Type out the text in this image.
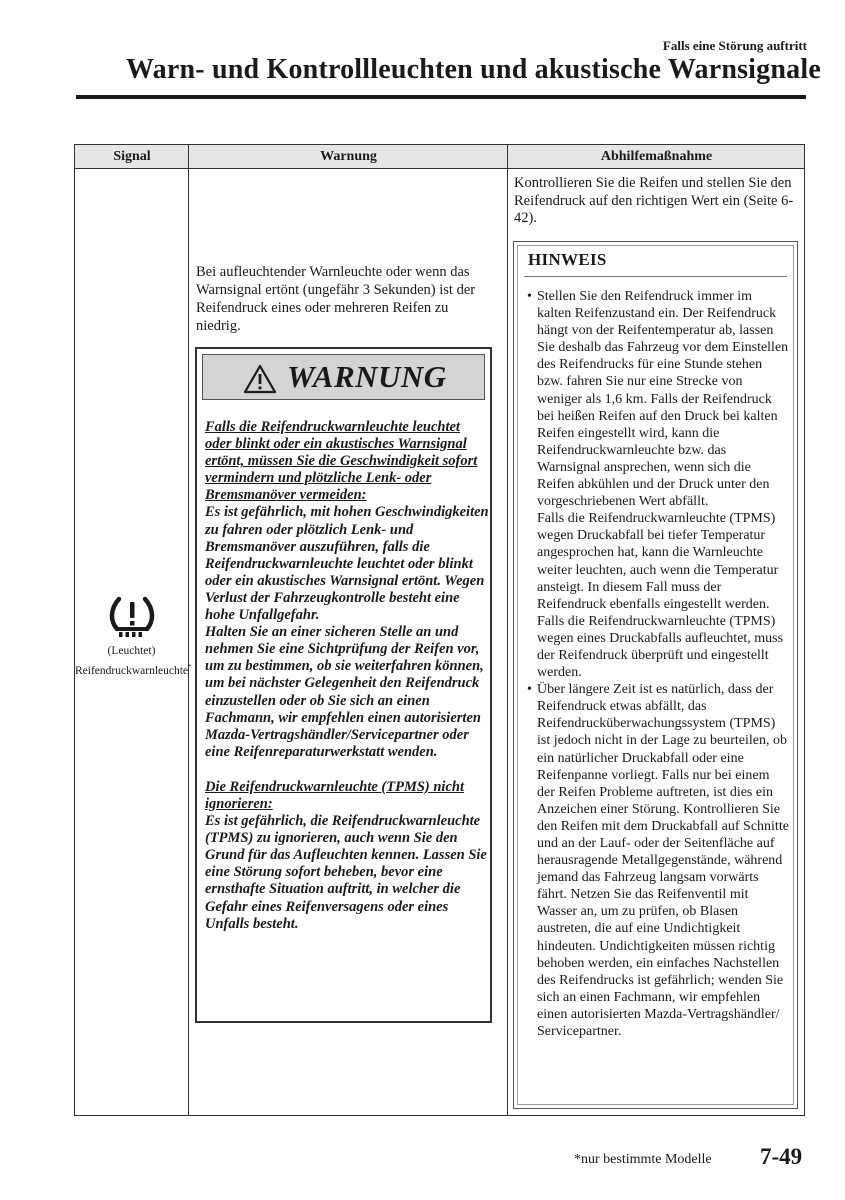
Falls eine Störung auftritt
Warn- und Kontrollleuchten und akustische Warnsignale
Signal	Warnung	Abhilfemaßnahme
(Leuchtet)
Reifendruckwarnleuchte*
Bei aufleuchtender Warnleuchte oder wenn das Warnsignal ertönt (ungefähr 3 Sekunden) ist der Reifendruck eines oder mehreren Reifen zu niedrig.
WARNUNG

Falls die Reifendruckwarnleuchte leuchtet oder blinkt oder ein akustisches Warnsignal ertönt, müssen Sie die Geschwindigkeit sofort vermindern und plötzliche Lenk- oder Bremsmanöver vermeiden:

Es ist gefährlich, mit hohen Geschwindigkeiten zu fahren oder plötzlich Lenk- und Bremsmanöver auszuführen, falls die Reifendruckwarnleuchte leuchtet oder blinkt oder ein akustisches Warnsignal ertönt. Wegen Verlust der Fahrzeugkontrolle besteht eine hohe Unfallgefahr.

Halten Sie an einer sicheren Stelle an und nehmen Sie eine Sichtprüfung der Reifen vor, um zu bestimmen, ob sie weiterfahren können, um bei nächster Gelegenheit den Reifendruck einzustellen oder ob Sie sich an einen Fachmann, wir empfehlen einen autorisierten Mazda-Vertragshändler/Servicepartner oder eine Reifenreparaturwerkstatt wenden.

Die Reifendruckwarnleuchte (TPMS) nicht ignorieren:

Es ist gefährlich, die Reifendruckwarnleuchte (TPMS) zu ignorieren, auch wenn Sie den Grund für das Aufleuchten kennen. Lassen Sie eine Störung sofort beheben, bevor eine ernsthafte Situation auftritt, in welcher die Gefahr eines Reifenversagens oder eines Unfalls besteht.

Kontrollieren Sie die Reifen und stellen Sie den Reifendruck auf den richtigen Wert ein (Seite 6-42).
HINWEIS
• Stellen Sie den Reifendruck immer im kalten Reifenzustand ein. Der Reifendruck hängt von der Reifentemperatur ab, lassen Sie deshalb das Fahrzeug vor dem Einstellen des Reifendrucks für eine Stunde stehen bzw. fahren Sie nur eine Strecke von weniger als 1,6 km. Falls der Reifendruck bei heißen Reifen auf den Druck bei kalten Reifen eingestellt wird, kann die Reifendruckwarnleuchte bzw. das Warnsignal ansprechen, wenn sich die Reifen abkühlen und der Druck unter den vorgeschriebenen Wert abfällt.

Falls die Reifendruckwarnleuchte (TPMS) wegen Druckabfall bei tiefer Temperatur angesprochen hat, kann die Warnleuchte weiter leuchten, auch wenn die Temperatur ansteigt. In diesem Fall muss der Reifendruck ebenfalls eingestellt werden. Falls die Reifendruckwarnleuchte (TPMS) wegen eines Druckabfalls aufleuchtet, muss der Reifendruck überprüft und eingestellt werden.

• Über längere Zeit ist es natürlich, dass der Reifendruck etwas abfällt, das Reifendrucküberwachungssystem (TPMS) ist jedoch nicht in der Lage zu beurteilen, ob ein natürlicher Druckabfall oder eine Reifenpanne vorliegt. Falls nur bei einem der Reifen Probleme auftreten, ist dies ein Anzeichen einer Störung. Kontrollieren Sie den Reifen mit dem Druckabfall auf Schnitte und an der Lauf- oder der Seitenfläche auf herausragende Metallgegenstände, während jemand das Fahrzeug langsam vorwärts fährt. Netzen Sie das Reifenventil mit Wasser an, um zu prüfen, ob Blasen austreten, die auf eine Undichtigkeit hindeuten. Undichtigkeiten müssen richtig behoben werden, ein einfaches Nachstellen des Reifendrucks ist gefährlich; wenden Sie sich an einen Fachmann, wir empfehlen einen autorisierten Mazda-Vertragshändler/ Servicepartner.

*nur bestimmte Modelle 7-49
